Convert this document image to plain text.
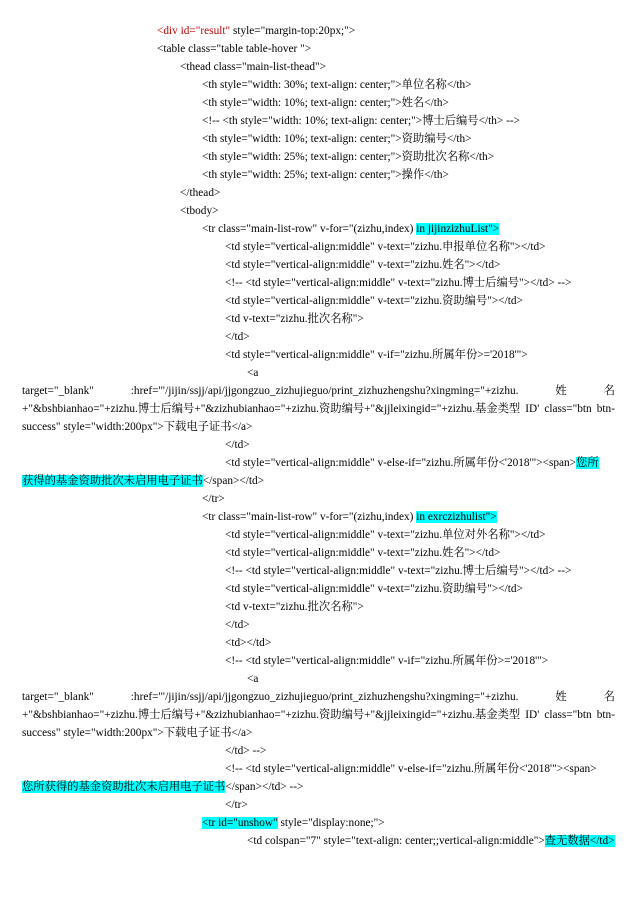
<div id="result" style="margin-top:20px;">
<table class="table table-hover ">
<thead class="main-list-thead">
<th style="width: 30%; text-align: center;">单位名称</th>
<th style="width: 10%; text-align: center;">姓名</th>
<!-- <th style="width: 10%; text-align: center;">博士后编号</th> -->
<th style="width: 10%; text-align: center;">资助编号</th>
<th style="width: 25%; text-align: center;">资助批次名称</th>
<th style="width: 25%; text-align: center;">操作</th>
</thead>
<tbody>
<tr class="main-list-row" v-for="(zizhu,index) in jijinzizhuList">
<td style="vertical-align:middle" v-text="zizhu.申报单位名称"></td>
<td style="vertical-align:middle" v-text="zizhu.姓名"></td>
<!-- <td style="vertical-align:middle" v-text="zizhu.博士后编号"></td> -->
<td style="vertical-align:middle" v-text="zizhu.资助编号"></td>
<td v-text="zizhu.批次名称">
</td>
<td style="vertical-align:middle" v-if="zizhu.所属年份>='2018'">
<a
target="_blank"	:href='"/jijin/ssjj/api/jjgongzuo_zizhujieguo/print_zizhuzhengshu?xingming="+zizhu.	姓	名
+"&bshbianhao="+zizhu.博士后编号+"&zizhubianhao="+zizhu.资助编号+"&jjleixingid="+zizhu.基金类型 ID' class="btn btn-
success" style="width:200px">下载电子证书</a>
</td>
<td style="vertical-align:middle" v-else-if="zizhu.所属年份<'2018'"><span>您所
获得的基金资助批次未启用电子证书</span></td>
</tr>
<tr class="main-list-row" v-for="(zizhu,index) in exrczizhulist">
<td style="vertical-align:middle" v-text="zizhu.单位对外名称"></td>
<td style="vertical-align:middle" v-text="zizhu.姓名"></td>
<!-- <td style="vertical-align:middle" v-text="zizhu.博士后编号"></td> -->
<td style="vertical-align:middle" v-text="zizhu.资助编号"></td>
<td v-text="zizhu.批次名称">
</td>
<td></td>
<!-- <td style="vertical-align:middle" v-if="zizhu.所属年份>='2018'">
<a
target="_blank"	:href='"/jijin/ssjj/api/jjgongzuo_zizhujieguo/print_zizhuzhengshu?xingming="+zizhu.	姓	名
+"&bshbianhao="+zizhu.博士后编号+"&zizhubianhao="+zizhu.资助编号+"&jjleixingid="+zizhu.基金类型 ID' class="btn btn-
success" style="width:200px">下载电子证书</a>
</td> -->
<!-- <td style="vertical-align:middle" v-else-if="zizhu.所属年份<'2018'"><span>
您所获得的基金资助批次未启用电子证书</span></td> -->
</tr>
<tr id="unshow" style="display:none;">
<td colspan="7" style="text-align: center;;vertical-align:middle">查无数据</td>
